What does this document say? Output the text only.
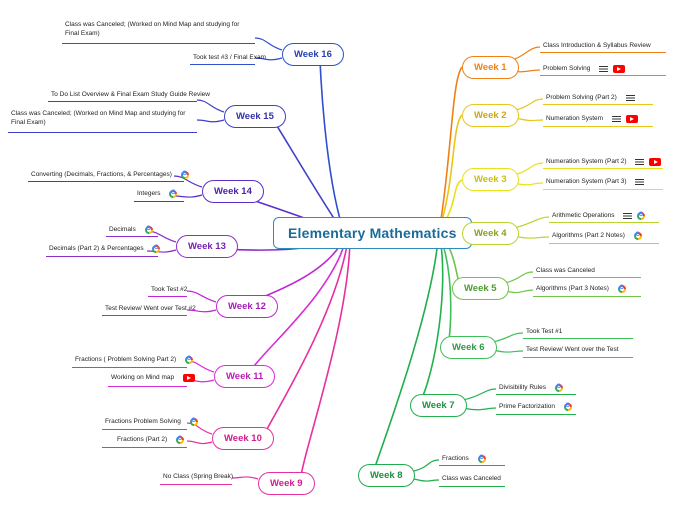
Elementary Mathematics
Week 1
Week 2
Week 3
Week 4
Week 5
Week 6
Week 7
Week 8
Week 9
Week 10
Week 11
Week 12
Week 13
Week 14
Week 15
Week 16
Class Introduction & Syllabus Review
Problem Solving
Problem Solving (Part 2)
Numeration System
Numeration System (Part 2)
Numeration System (Part 3)
Arithmetic Operations  G
Algorithms (Part 2 Notes) G
Class was Canceled
Algorithms (Part 3 Notes) G
Took Test #1
Test Review/ Went over the Test
Divisibility Rules G
Prime Factorization G
Fractions G
Class was Canceled
No Class (Spring Break)
Fractions Problem Solving G
Fractions (Part 2) G
Fractions ( Problem Solving Part 2) G
Working on Mind map
Took Test #2
Test Review/ Went over Test #2
Decimals G
Decimals (Part 2) & Percentages G
Converting (Decimals, Fractions, & Percentages) G
Integers G
To Do List Overview & Final Exam Study Guide Review
Class was Canceled; (Worked on Mind Map and studying for Final Exam)
Class was Canceled; (Worked on Mind Map and studying for Final Exam)
Took test #3 / Final Exam
